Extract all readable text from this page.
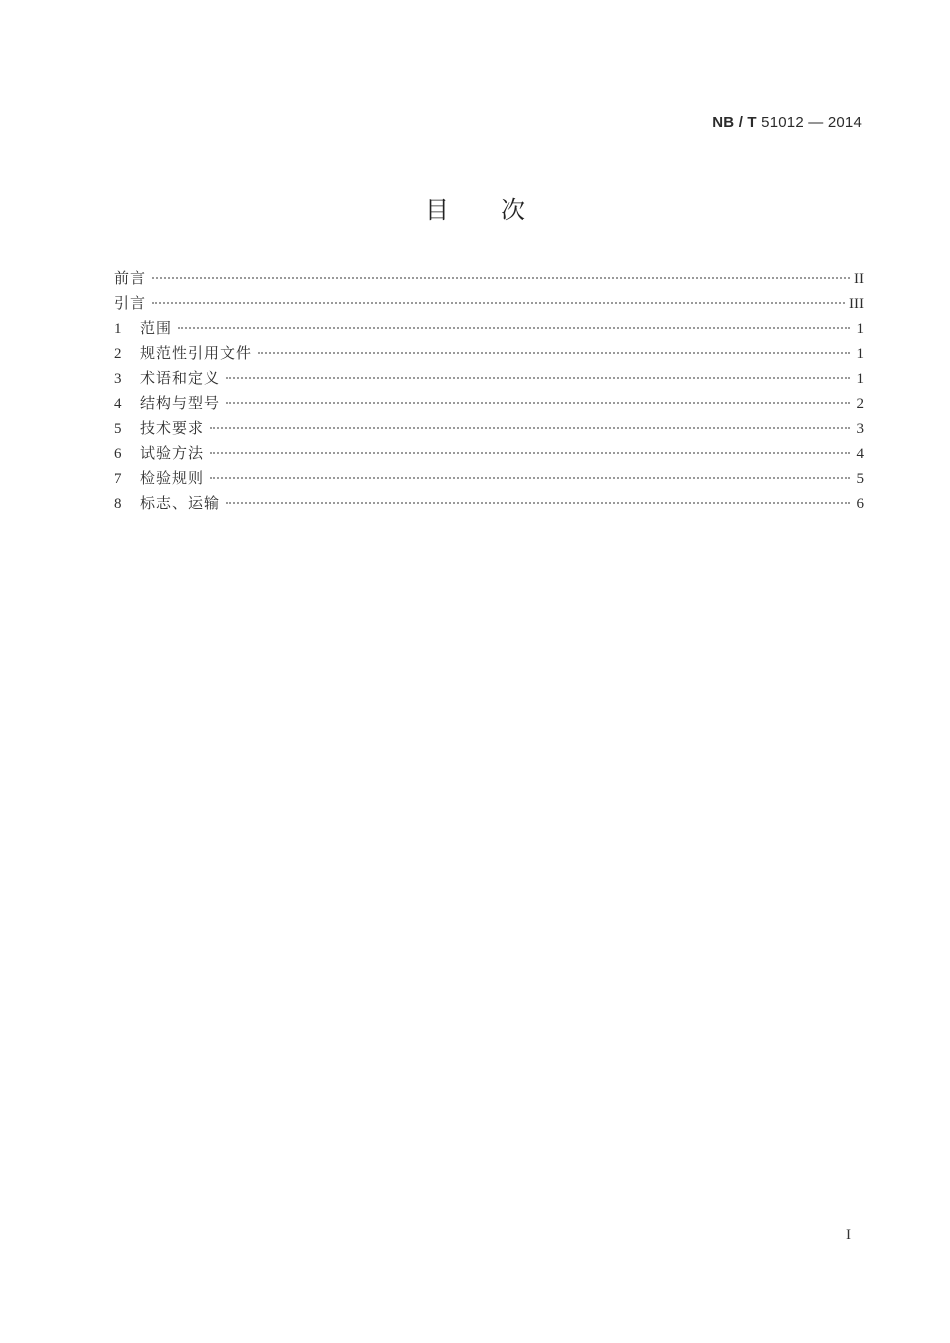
NB / T 51012 — 2014
目次
前言	II
引言	III
1	范围	1
2	规范性引用文件	1
3	术语和定义	1
4	结构与型号	2
5	技术要求	3
6	试验方法	4
7	检验规则	5
8	标志、运输	6
I
